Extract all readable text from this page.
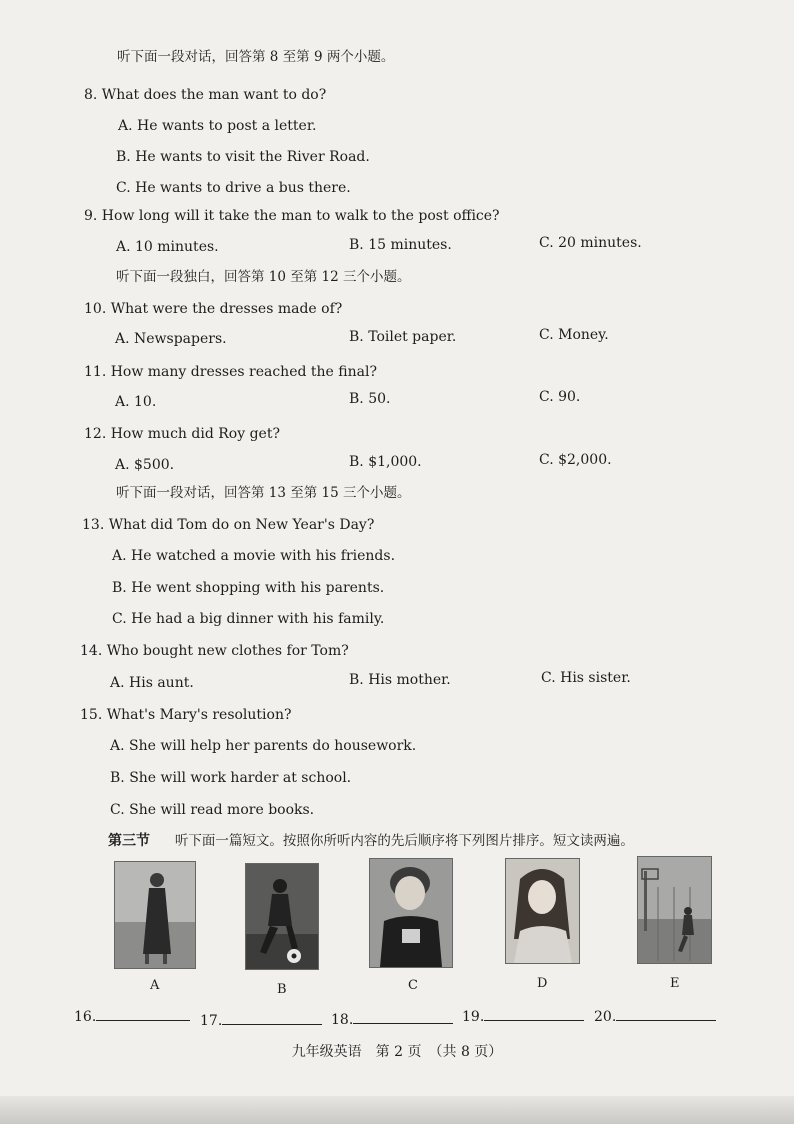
听下面一段对话，回答第 8 至第 9 两个小题。
8. What does the man want to do?
A. He wants to post a letter.
B. He wants to visit the River Road.
C. He wants to drive a bus there.
9. How long will it take the man to walk to the post office?
A. 10 minutes.	B. 15 minutes.	C. 20 minutes.
听下面一段独白，回答第 10 至第 12 三个小题。
10. What were the dresses made of?
A. Newspapers.	B. Toilet paper.	C. Money.
11. How many dresses reached the final?
A. 10.	B. 50.	C. 90.
12. How much did Roy get?
A. $500.	B. $1,000.	C. $2,000.
听下面一段对话，回答第 13 至第 15 三个小题。
13. What did Tom do on New Year's Day?
A. He watched a movie with his friends.
B. He went shopping with his parents.
C. He had a big dinner with his family.
14. Who bought new clothes for Tom?
A. His aunt.	B. His mother.	C. His sister.
15. What's Mary's resolution?
A. She will help her parents do housework.
B. She will work harder at school.
C. She will read more books.
第三节 听下面一篇短文。按照你所听内容的先后顺序将下列图片排序。短文读两遍。
A	B	C	D	E
16.	17.	18.	19.	20.
九年级英语　第 2 页　（共 8 页）
